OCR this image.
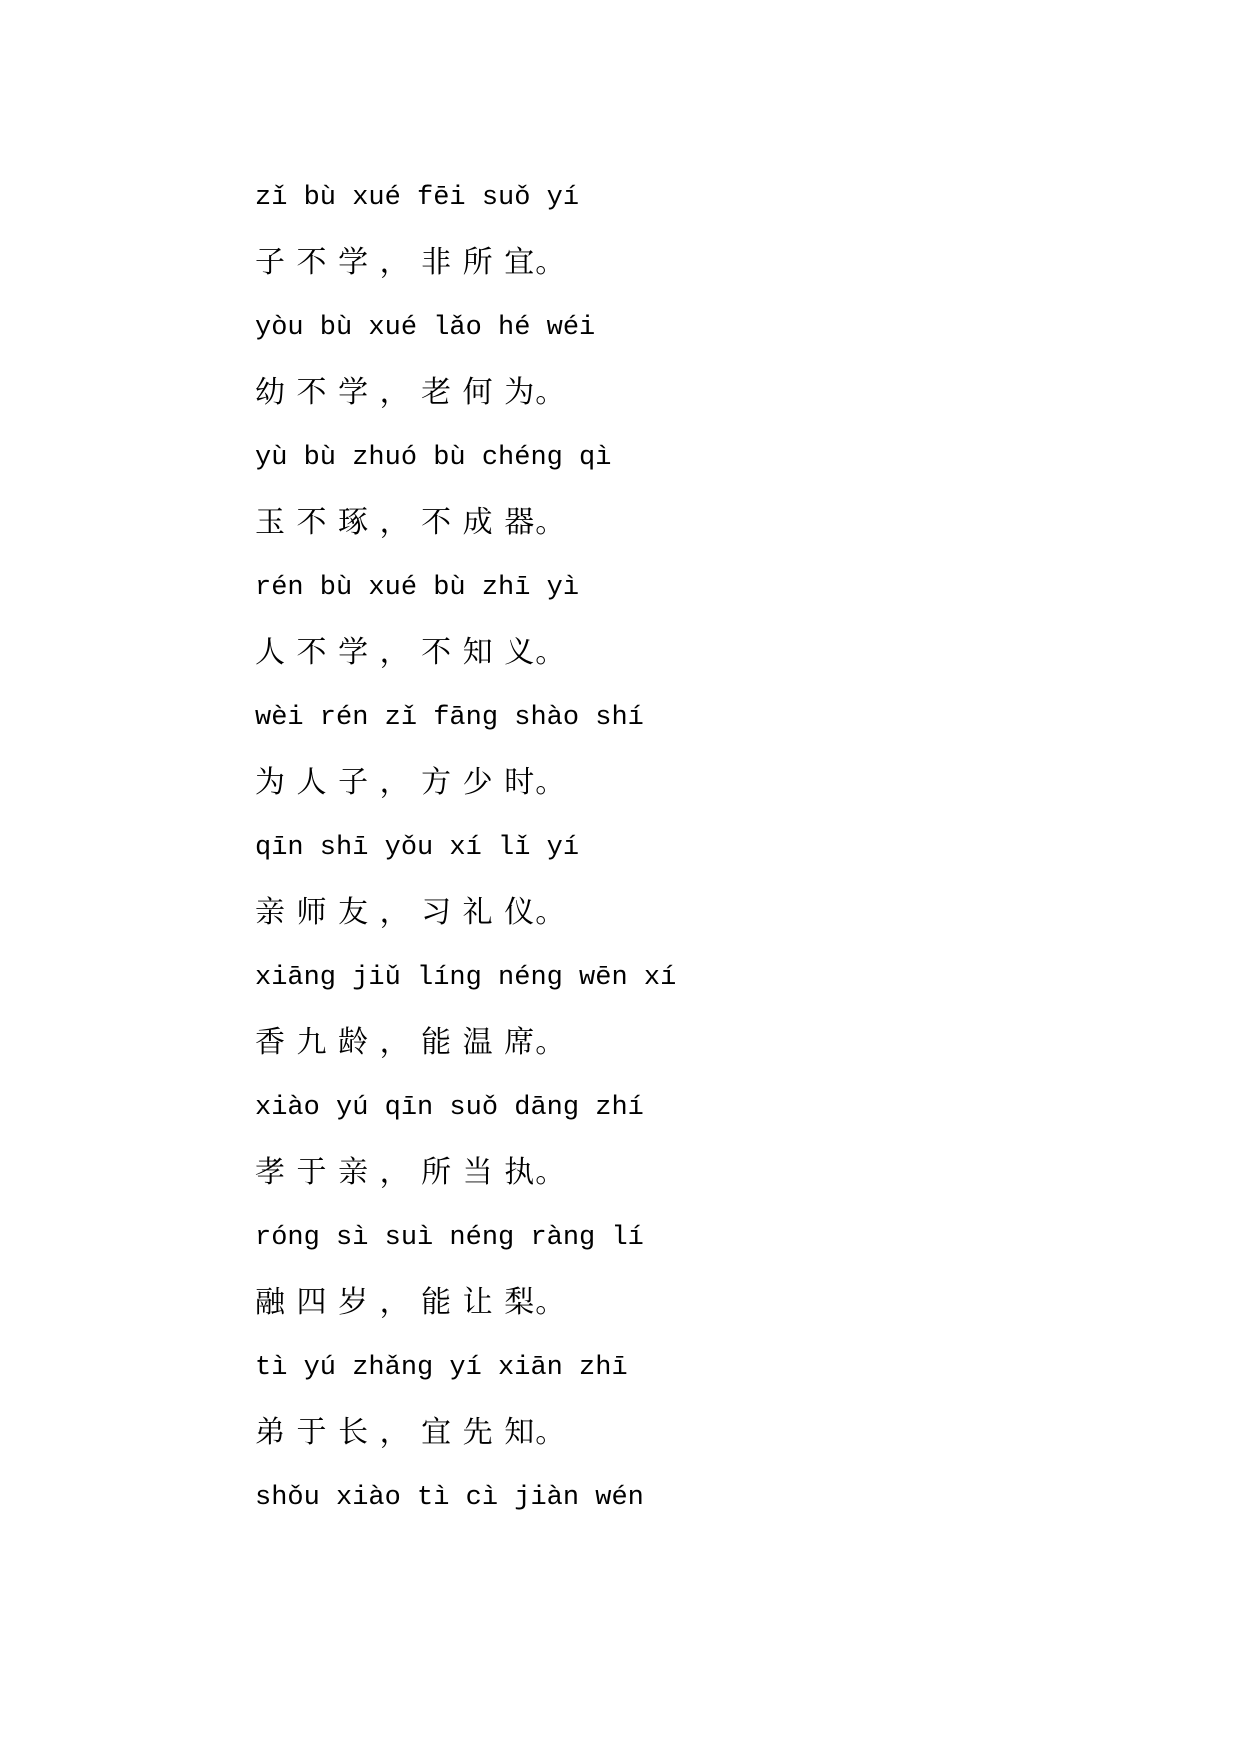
zǐ bù xué fēi suǒ yí
子 不 学 ， 非 所 宜。
yòu bù xué lǎo hé wéi
幼 不 学 ， 老 何 为。
yù bù zhuó bù chéng qì
玉 不 琢 ， 不 成 器。
rén bù xué bù zhī yì
人 不 学 ， 不 知 义。
wèi rén zǐ fāng shào shí
为 人 子 ， 方 少 时。
qīn shī yǒu xí lǐ yí
亲 师 友 ， 习 礼 仪。
xiāng jiǔ líng néng wēn xí
香 九 龄 ， 能 温 席。
xiào yú qīn suǒ dāng zhí
孝 于 亲 ， 所 当 执。
róng sì suì néng ràng lí
融 四 岁 ， 能 让 梨。
tì yú zhǎng yí xiān zhī
弟 于 长 ， 宜 先 知。
shǒu xiào tì cì jiàn wén
